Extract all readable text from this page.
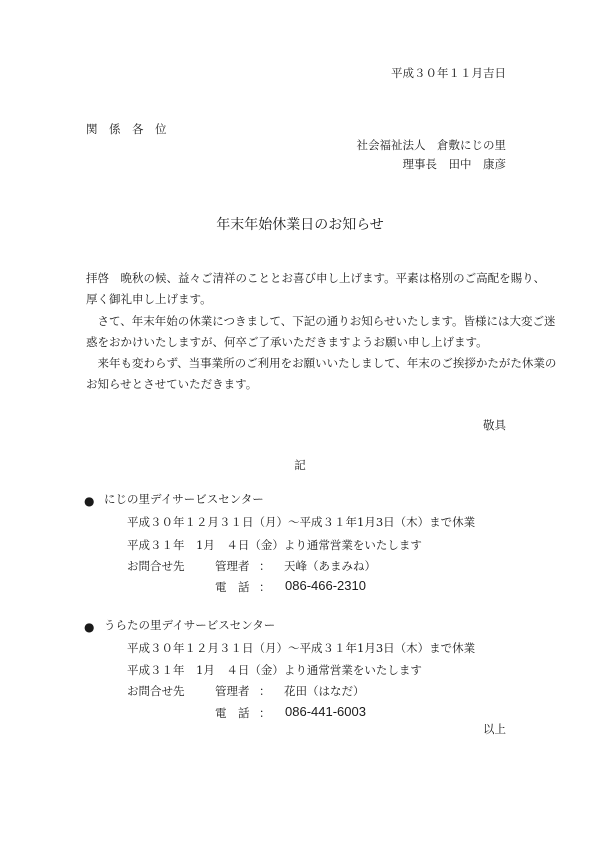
平成３０年１１月吉日
関　係　各　位
社会福祉法人　倉敷にじの里
理事長　田中　康彦
年末年始休業日のお知らせ
拝啓　晩秋の候、益々ご清祥のこととお喜び申し上げます。平素は格別のご高配を賜り、
厚く御礼申し上げます。
　さて、年末年始の休業につきまして、下記の通りお知らせいたします。皆様には大変ご迷
惑をおかけいたしますが、何卒ご了承いただきますようお願い申し上げます。
　来年も変わらず、当事業所のご利用をお願いいたしまして、年末のご挨拶かたがた休業の
お知らせとさせていただきます。
敬具
記
● にじの里デイサービスセンター
平成３０年１２月３１日（月）～平成３１年1月3日（木）まで休業
平成３１年　1月　４日（金）より通常営業をいたします
お問合せ先	管理者 ： 天峰（あまみね）
電　話 ： 086-466-2310
● うらたの里デイサービスセンター
平成３０年１２月３１日（月）～平成３１年1月3日（木）まで休業
平成３１年　1月　４日（金）より通常営業をいたします
お問合せ先	管理者 ： 花田（はなだ）
電　話 ： 086-441-6003
以上
